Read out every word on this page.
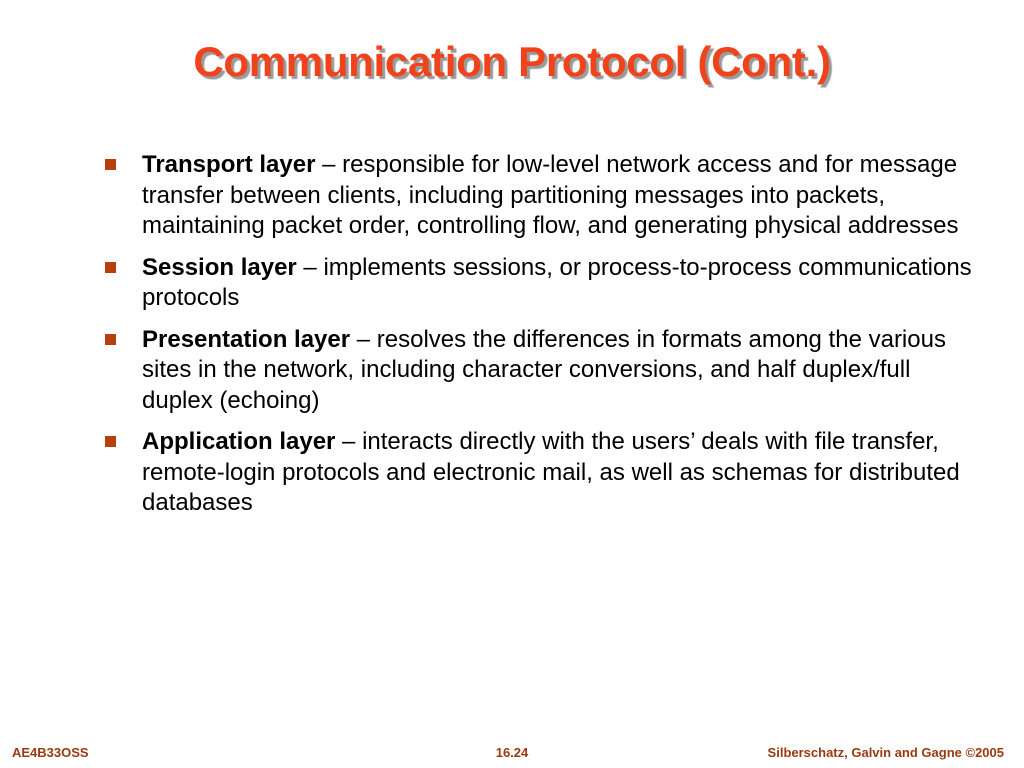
Communication Protocol (Cont.)
Transport layer – responsible for low-level network access and for message transfer between clients, including partitioning messages into packets, maintaining packet order, controlling flow, and generating physical addresses
Session layer – implements sessions, or process-to-process communications protocols
Presentation layer – resolves the differences in formats among the various sites in the network, including character conversions, and half duplex/full duplex (echoing)
Application layer – interacts directly with the users’ deals with file transfer, remote-login protocols and electronic mail, as well as schemas for distributed databases
AE4B33OSS	16.24	Silberschatz, Galvin and Gagne ©2005
